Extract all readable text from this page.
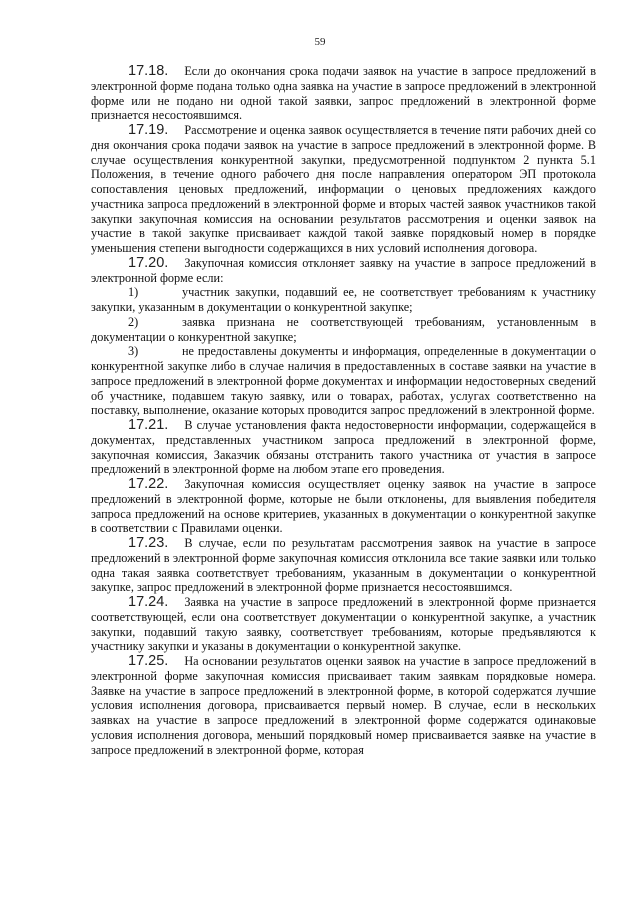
59

17.18. Если до окончания срока подачи заявок на участие в запросе предложений в электронной форме подана только одна заявка на участие в запросе предложений в электронной форме или не подано ни одной такой заявки, запрос предложений в электронной форме признается несостоявшимся.

17.19. Рассмотрение и оценка заявок осуществляется в течение пяти рабочих дней со дня окончания срока подачи заявок на участие в запросе предложений в электронной форме. В случае осуществления конкурентной закупки, предусмотренной подпунктом 2 пункта 5.1 Положения, в течение одного рабочего дня после направления оператором ЭП протокола сопоставления ценовых предложений, информации о ценовых предложениях каждого участника запроса предложений в электронной форме и вторых частей заявок участников такой закупки закупочная комиссия на основании результатов рассмотрения и оценки заявок на участие в такой закупке присваивает каждой такой заявке порядковый номер в порядке уменьшения степени выгодности содержащихся в них условий исполнения договора.

17.20. Закупочная комиссия отклоняет заявку на участие в запросе предложений в электронной форме если:

1)	участник закупки, подавший ее, не соответствует требованиям к участнику закупки, указанным в документации о конкурентной закупке;

2)	заявка признана не соответствующей требованиям, установленным в документации о конкурентной закупке;

3)	не предоставлены документы и информация, определенные в документации о конкурентной закупке либо в случае наличия в предоставленных в составе заявки на участие в запросе предложений в электронной форме документах и информации недостоверных сведений об участнике, подавшем такую заявку, или о товарах, работах, услугах соответственно на поставку, выполнение, оказание которых проводится запрос предложений в электронной форме.

17.21. В случае установления факта недостоверности информации, содержащейся в документах, представленных участником запроса предложений в электронной форме, закупочная комиссия, Заказчик обязаны отстранить такого участника от участия в запросе предложений в электронной форме на любом этапе его проведения.

17.22. Закупочная комиссия осуществляет оценку заявок на участие в запросе предложений в электронной форме, которые не были отклонены, для выявления победителя запроса предложений на основе критериев, указанных в документации о конкурентной закупке в соответствии с Правилами оценки.

17.23. В случае, если по результатам рассмотрения заявок на участие в запросе предложений в электронной форме закупочная комиссия отклонила все такие заявки или только одна такая заявка соответствует требованиям, указанным в документации о конкурентной закупке, запрос предложений в электронной форме признается несостоявшимся.

17.24. Заявка на участие в запросе предложений в электронной форме признается соответствующей, если она соответствует документации о конкурентной закупке, а участник закупки, подавший такую заявку, соответствует требованиям, которые предъявляются к участнику закупки и указаны в документации о конкурентной закупке.

17.25. На основании результатов оценки заявок на участие в запросе предложений в электронной форме закупочная комиссия присваивает таким заявкам порядковые номера. Заявке на участие в запросе предложений в электронной форме, в которой содержатся лучшие условия исполнения договора, присваивается первый номер. В случае, если в нескольких заявках на участие в запросе предложений в электронной форме содержатся одинаковые условия исполнения договора, меньший порядковый номер присваивается заявке на участие в запросе предложений в электронной форме, которая
